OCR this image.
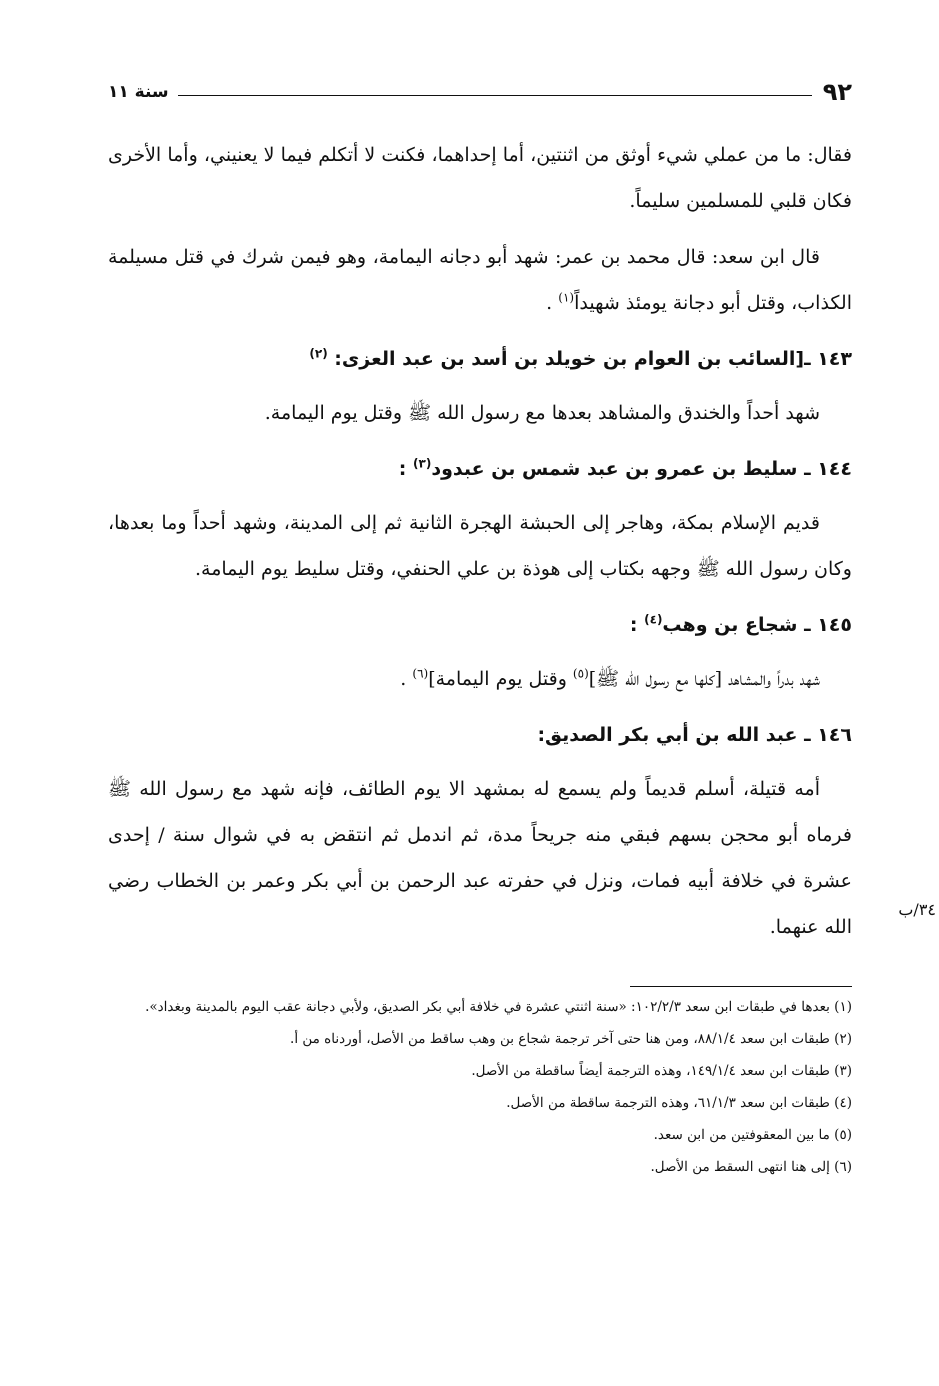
٩٢
سنة ١١

فقال: ما من عملي شيء أوثق من اثنتين، أما إحداهما، فكنت لا أتكلم فيما لا يعنيني، وأما الأخرى فكان قلبي للمسلمين سليماً.

قال ابن سعد: قال محمد بن عمر: شهد أبو دجانه اليمامة، وهو فيمن شرك في قتل مسيلمة الكذاب، وقتل أبو دجانة يومئذ شهيداً$^{(١)}$ .

١٤٣ ـ[السائب بن العوام بن خويلد بن أسد بن عبد العزى: $^{(٢)}$

شهد أحداً والخندق والمشاهد بعدها مع رسول الله ﷺ وقتل يوم اليمامة.

١٤٤ ـ سليط بن عمرو بن عبد شمس بن عبدود$^{(٣)}$ :

قديم الإسلام بمكة، وهاجر إلى الحبشة الهجرة الثانية ثم إلى المدينة، وشهد أحداً وما بعدها، وكان رسول الله ﷺ وجهه بكتاب إلى هوذة بن علي الحنفي، وقتل سليط يوم اليمامة.

١٤٥ ـ شجاع بن وهب$^{(٤)}$ :

شهد بدراً والمشاهد [كلها مع رسول الله ﷺ]$^{(٥)}$ وقتل يوم اليمامة]$^{(٦)}$ .

١٤٦ ـ عبد الله بن أبي بكر الصديق:

أمه قتيلة، أسلم قديماً ولم يسمع له بمشهد الا يوم الطائف، فإنه شهد مع رسول الله ﷺ فرماه أبو محجن بسهم فبقي منه جريحاً مدة، ثم اندمل ثم انتقض به في شوال سنة / إحدى عشرة في خلافة أبيه فمات، ونزل في حفرته عبد الرحمن بن أبي بكر وعمر بن الخطاب رضي الله عنهما.

٣٤/ب

(١) بعدها في طبقات ابن سعد ١٠٢/٢/٣: «سنة اثنتي عشرة في خلافة أبي بكر الصديق، ولأبي دجانة عقب اليوم بالمدينة وبغداد».

(٢) طبقات ابن سعد ٨٨/١/٤، ومن هنا حتى آخر ترجمة شجاع بن وهب ساقط من الأصل، أوردناه من أ.

(٣) طبقات ابن سعد ١٤٩/١/٤، وهذه الترجمة أيضاً ساقطة من الأصل.

(٤) طبقات ابن سعد ٦١/١/٣، وهذه الترجمة ساقطة من الأصل.

(٥) ما بين المعقوفتين من ابن سعد.

(٦) إلى هنا انتهى السقط من الأصل.
